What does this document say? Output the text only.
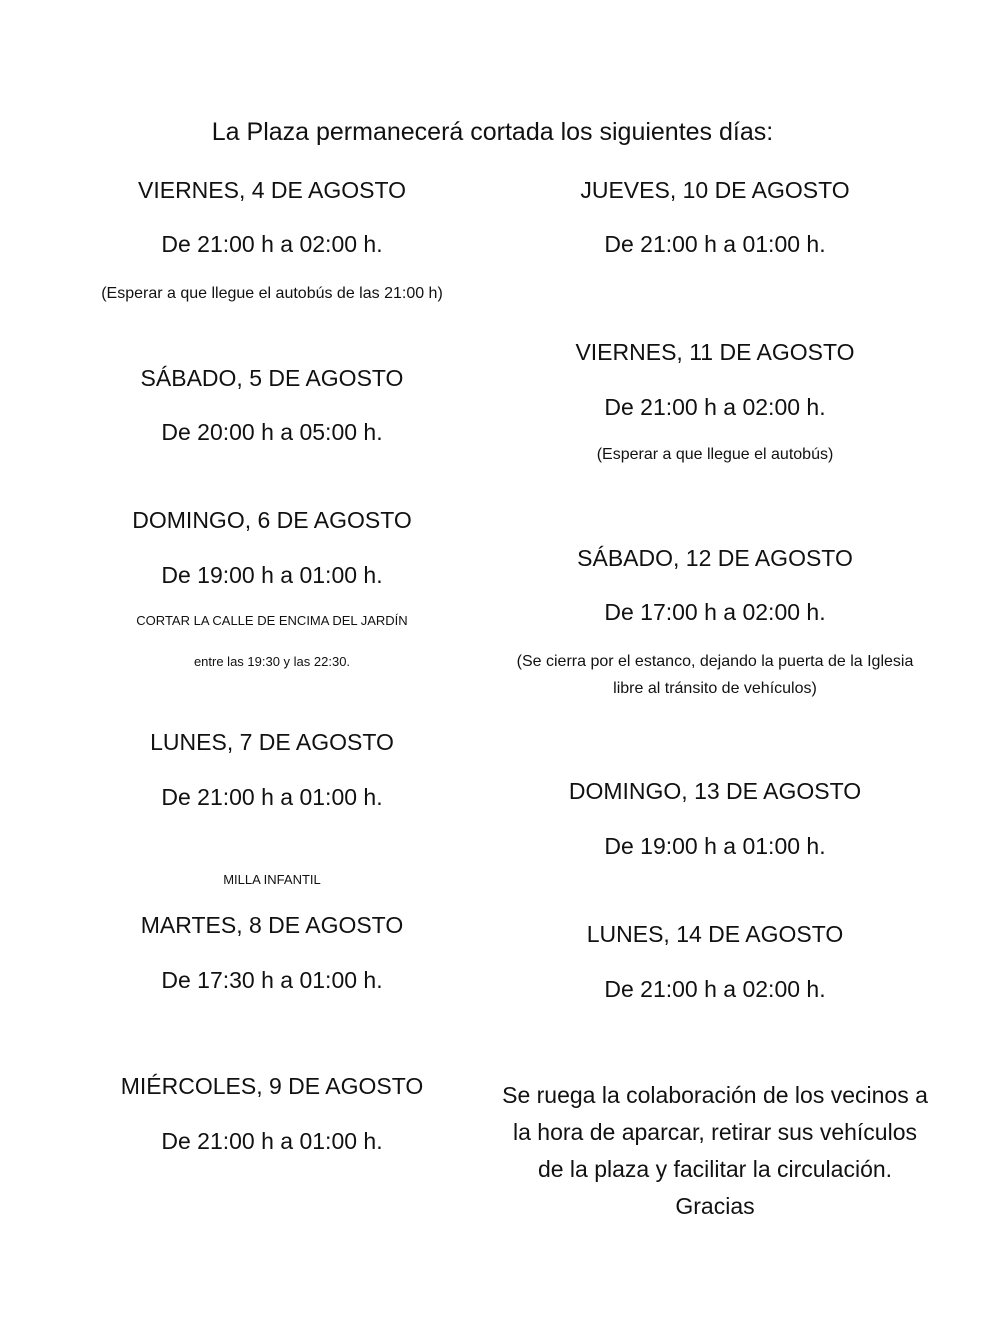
La Plaza permanecerá cortada los siguientes días:
VIERNES, 4 DE AGOSTO
De 21:00 h a 02:00 h.
(Esperar a que llegue el autobús de las 21:00 h)
SÁBADO, 5 DE AGOSTO
De 20:00 h a 05:00 h.
DOMINGO, 6 DE AGOSTO
De 19:00 h a 01:00 h.
CORTAR LA CALLE DE ENCIMA DEL JARDÍN
entre las 19:30 y las 22:30.
LUNES, 7 DE AGOSTO
De 21:00 h a 01:00 h.
MILLA INFANTIL
MARTES, 8 DE AGOSTO
De 17:30 h a 01:00 h.
MIÉRCOLES, 9 DE AGOSTO
De 21:00 h a 01:00 h.
JUEVES, 10 DE AGOSTO
De 21:00 h a 01:00 h.
VIERNES, 11 DE AGOSTO
De 21:00 h a 02:00 h.
(Esperar a que llegue el autobús)
SÁBADO, 12 DE AGOSTO
De 17:00 h a 02:00 h.
(Se cierra por el estanco, dejando la puerta de la Iglesia libre al tránsito de vehículos)
DOMINGO, 13 DE AGOSTO
De 19:00 h a 01:00 h.
LUNES, 14 DE AGOSTO
De 21:00 h a 02:00 h.
Se ruega la colaboración de los vecinos a la hora de aparcar, retirar sus vehículos de la plaza y facilitar la circulación. Gracias
